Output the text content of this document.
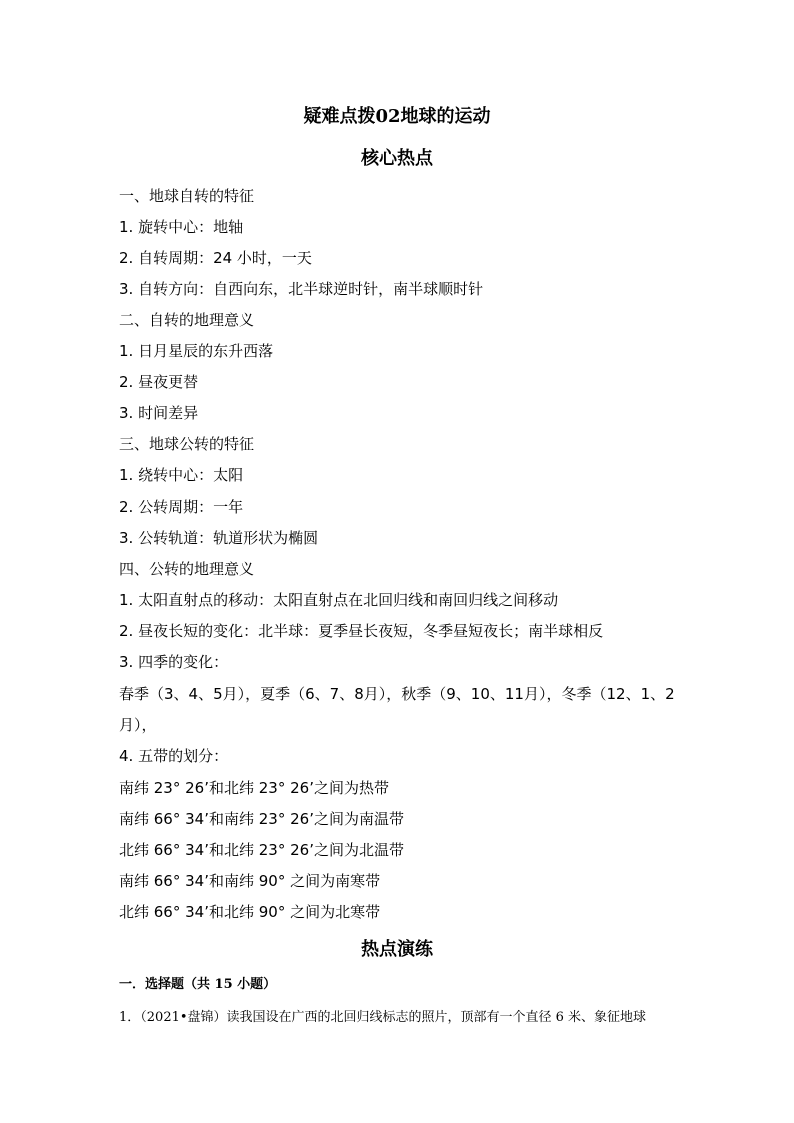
疑难点拨02地球的运动
核心热点
一、地球自转的特征
1. 旋转中心：地轴
2. 自转周期：24 小时，一天
3. 自转方向：自西向东，北半球逆时针，南半球顺时针
二、自转的地理意义
1. 日月星辰的东升西落
2. 昼夜更替
3. 时间差异
三、地球公转的特征
1. 绕转中心：太阳
2. 公转周期：一年
3. 公转轨道：轨道形状为椭圆
四、公转的地理意义
1. 太阳直射点的移动：太阳直射点在北回归线和南回归线之间移动
2. 昼夜长短的变化：北半球：夏季昼长夜短，冬季昼短夜长；南半球相反
3. 四季的变化：
春季（3、4、5月），夏季（6、7、8月），秋季（9、10、11月），冬季（12、1、2
月），
4. 五带的划分：
南纬 23° 26’和北纬 23° 26’之间为热带
南纬 66° 34’和南纬 23° 26’之间为南温带
北纬 66° 34’和北纬 23° 26’之间为北温带
南纬 66° 34’和南纬 90° 之间为南寒带
北纬 66° 34’和北纬 90° 之间为北寒带
热点演练
一．选择题（共 15 小题）
1．（2021•盘锦）读我国设在广西的北回归线标志的照片，顶部有一个直径 6 米、象征地球
